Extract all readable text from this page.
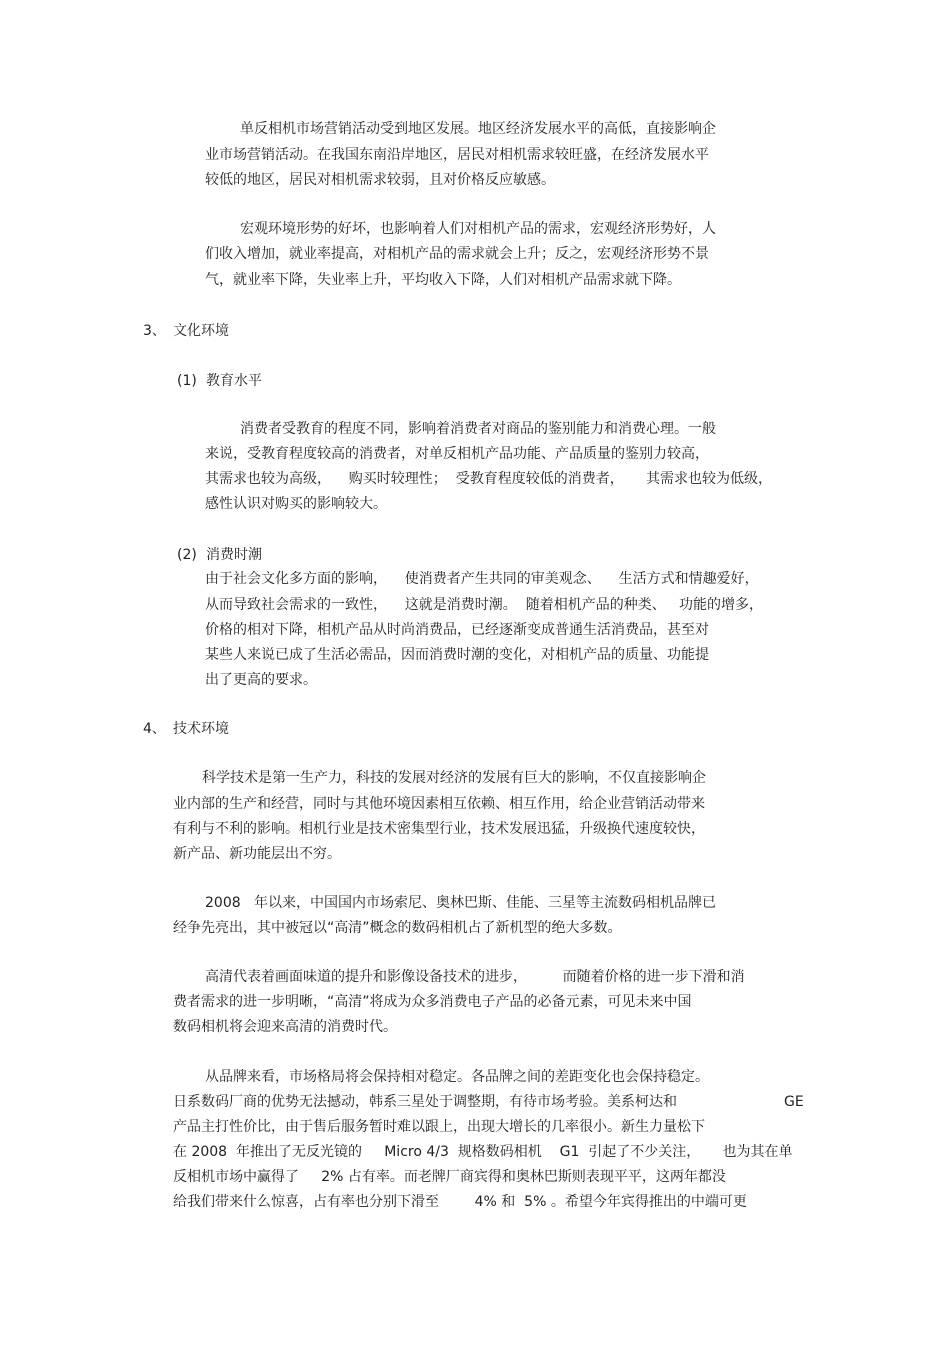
单反相机市场营销活动受到地区发展。地区经济发展水平的高低，直接影响企
业市场营销活动。在我国东南沿岸地区，居民对相机需求较旺盛，在经济发展水平
较低的地区，居民对相机需求较弱，且对价格反应敏感。
宏观环境形势的好坏，也影响着人们对相机产品的需求，宏观经济形势好，人
们收入增加，就业率提高，对相机产品的需求就会上升；反之，宏观经济形势不景
气，就业率下降，失业率上升，平均收入下降，人们对相机产品需求就下降。
3、 文化环境
(1) 教育水平
消费者受教育的程度不同，影响着消费者对商品的鉴别能力和消费心理。一般
来说，受教育程度较高的消费者，对单反相机产品功能、产品质量的鉴别力较高，
其需求也较为高级，    购买时较理性；  受教育程度较低的消费者，     其需求也较为低级，
感性认识对购买的影响较大。
(2) 消费时潮
由于社会文化多方面的影响，    使消费者产生共同的审美观念、    生活方式和情趣爱好，
从而导致社会需求的一致性，    这就是消费时潮。  随着相机产品的种类、   功能的增多，
价格的相对下降，相机产品从时尚消费品，已经逐渐变成普通生活消费品，甚至对
某些人来说已成了生活必需品，因而消费时潮的变化，对相机产品的质量、功能提
出了更高的要求。
4、 技术环境
科学技术是第一生产力，科技的发展对经济的发展有巨大的影响，不仅直接影响企
业内部的生产和经营，同时与其他环境因素相互依赖、相互作用，给企业营销活动带来
有利与不利的影响。相机行业是技术密集型行业，技术发展迅猛，升级换代速度较快，
新产品、新功能层出不穷。
2008   年以来，中国国内市场索尼、奥林巴斯、佳能、三星等主流数码相机品牌已
经争先亮出，其中被冠以“高清”概念的数码相机占了新机型的绝大多数。
高清代表着画面味道的提升和影像设备技术的进步，        而随着价格的进一步下滑和消
费者需求的进一步明晰，“高清”将成为众多消费电子产品的必备元素，可见未来中国
数码相机将会迎来高清的消费时代。
从品牌来看，市场格局将会保持相对稳定。各品牌之间的差距变化也会保持稳定。
日系数码厂商的优势无法撼动，韩系三星处于调整期，有待市场考验。美系柯达和	GE
产品主打性价比，由于售后服务暂时难以跟上，出现大增长的几率很小。新生力量松下
在 2008  年推出了无反光镜的     Micro 4/3  规格数码相机    G1  引起了不少关注，     也为其在单
反相机市场中赢得了     2% 占有率。而老牌厂商宾得和奥林巴斯则表现平平，这两年都没
给我们带来什么惊喜，占有率也分别下滑至        4% 和  5% 。希望今年宾得推出的中端可更
